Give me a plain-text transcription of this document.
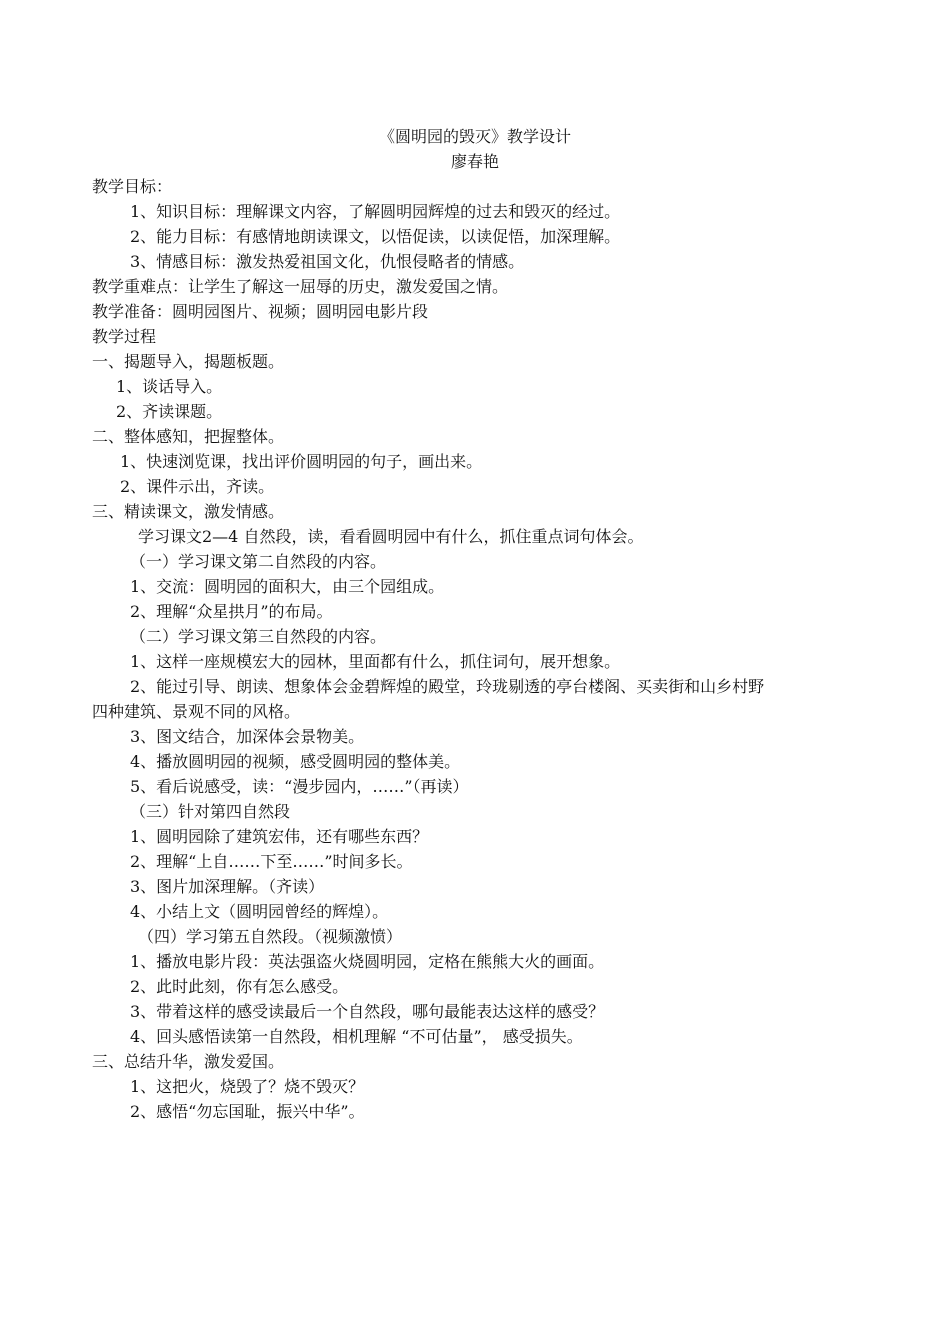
《圆明园的毁灭》教学设计
廖春艳
教学目标：
1、知识目标：理解课文内容，了解圆明园辉煌的过去和毁灭的经过。
2、能力目标：有感情地朗读课文，以悟促读，以读促悟，加深理解。
3、情感目标：激发热爱祖国文化，仇恨侵略者的情感。
教学重难点：让学生了解这一屈辱的历史，激发爱国之情。
教学准备：圆明园图片、视频；圆明园电影片段
教学过程
一、揭题导入，揭题板题。
1、谈话导入。
2、齐读课题。
二、整体感知，把握整体。
1、快速浏览课，找出评价圆明园的句子，画出来。
2、课件示出，齐读。
三、精读课文，激发情感。
学习课文2—4 自然段，读，看看圆明园中有什么，抓住重点词句体会。
（一）学习课文第二自然段的内容。
1、交流：圆明园的面积大，由三个园组成。
2、理解“众星拱月”的布局。
（二）学习课文第三自然段的内容。
1、这样一座规模宏大的园林，里面都有什么，抓住词句，展开想象。
2、能过引导、朗读、想象体会金碧辉煌的殿堂，玲珑剔透的亭台楼阁、买卖街和山乡村野
四种建筑、景观不同的风格。
3、图文结合，加深体会景物美。
4、播放圆明园的视频，感受圆明园的整体美。
5、看后说感受，读：“漫步园内，……”（再读）
（三）针对第四自然段
1、圆明园除了建筑宏伟，还有哪些东西？
2、理解“上自……下至……”时间多长。
3、图片加深理解。（齐读）
4、小结上文（圆明园曾经的辉煌）。
（四）学习第五自然段。（视频激愤）
1、播放电影片段：英法强盗火烧圆明园，定格在熊熊大火的画面。
2、此时此刻，你有怎么感受。
3、带着这样的感受读最后一个自然段，哪句最能表达这样的感受？
4、回头感悟读第一自然段，相机理解 “不可估量”， 感受损失。
三、总结升华，激发爱国。
1、这把火，烧毁了？烧不毁灭？
2、感悟“勿忘国耻，振兴中华”。
